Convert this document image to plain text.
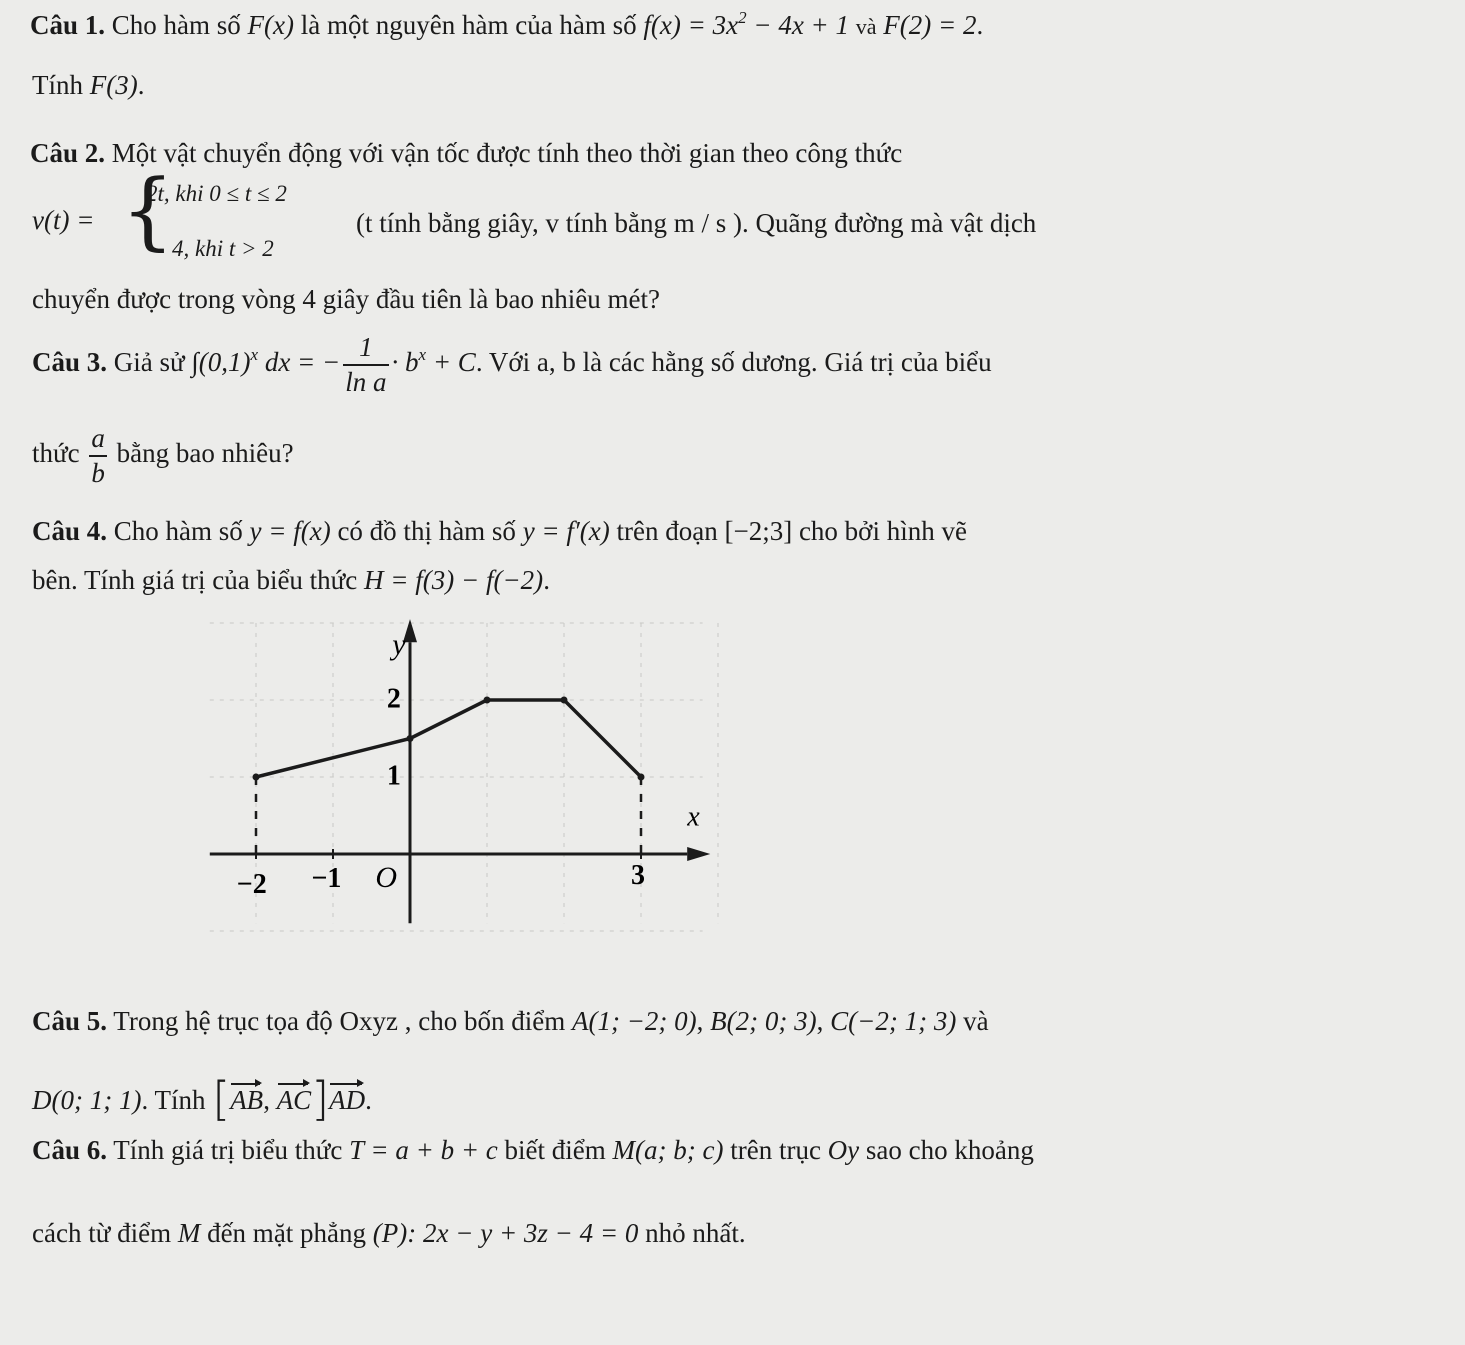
Câu 1. Cho hàm số F(x) là một nguyên hàm của hàm số $f(x) = 3x^2 - 4x + 1$ và F(2) = 2.
Tính F(3).
Câu 2. Một vật chuyển động với vận tốc được tính theo thời gian theo công thức
v(t) = {
2t, khi 0 ≤ t ≤ 2
4, khi t > 2
(t tính bằng giây, v tính bằng m / s ). Quãng đường mà vật dịch
chuyển được trong vòng 4 giây đầu tiên là bao nhiêu mét?
Câu 3. Giả sử $\int(0,1)^x$ dx = − $\frac{1}{\text{ln a}} \cdot b^x + C$. Với a, b là các hằng số dương. Giá trị của biểu
thức $\frac{a}{b}$ bằng bao nhiêu?
Câu 4. Cho hàm số y = f(x) có đồ thị hàm số y = f′(x) trên đoạn [−2;3] cho bởi hình vẽ
bên. Tính giá trị của biểu thức H = f(3) − f(−2).
y
x
O
−2 −1	3
1
2
Câu 5. Trong hệ trục tọa độ Oxyz , cho bốn điểm A(1; −2; 0), B(2; 0; 3), C(−2; 1; 3) và
D(0; 1; 1). Tính [AB, AC]AD.
Câu 6. Tính giá trị biểu thức T = a + b + c biết điểm M(a; b; c) trên trục Oy sao cho khoảng
cách từ điểm M đến mặt phẳng (P): 2x − y + 3z − 4 = 0 nhỏ nhất.
